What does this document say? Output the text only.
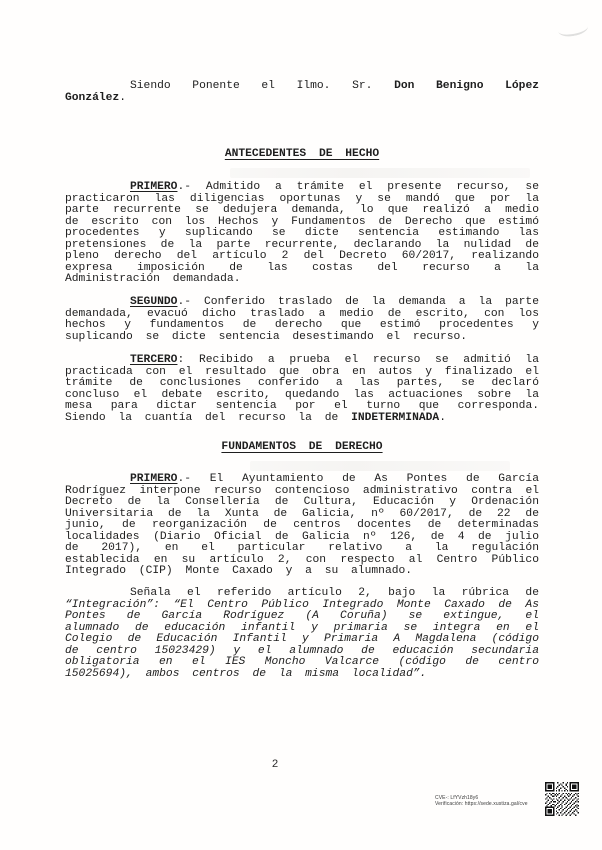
Siendo Ponente el Ilmo. Sr. Don Benigno López González.

ANTECEDENTES DE HECHO

PRIMERO.- Admitido a trámite el presente recurso, se practicaron las diligencias oportunas y se mandó que por la parte recurrente se dedujera demanda, lo que realizó a medio de escrito con los Hechos y Fundamentos de Derecho que estimó procedentes y suplicando se dicte sentencia estimando las pretensiones de la parte recurrente, declarando la nulidad de pleno derecho del artículo 2 del Decreto 60/2017, realizando expresa imposición de las costas del recurso a la Administración demandada.

SEGUNDO.- Conferido traslado de la demanda a la parte demandada, evacuó dicho traslado a medio de escrito, con los hechos y fundamentos de derecho que estimó procedentes y suplicando se dicte sentencia desestimando el recurso.

TERCERO: Recibido a prueba el recurso se admitió la practicada con el resultado que obra en autos y finalizado el trámite de conclusiones conferido a las partes, se declaró concluso el debate escrito, quedando las actuaciones sobre la mesa para dictar sentencia por el turno que corresponda. Siendo la cuantía del recurso la de INDETERMINADA.

FUNDAMENTOS DE DERECHO

PRIMERO.- El Ayuntamiento de As Pontes de García Rodríguez interpone recurso contencioso administrativo contra el Decreto de la Consellería de Cultura, Educación y Ordenación Universitaria de la Xunta de Galicia, nº 60/2017, de 22 de junio, de reorganización de centros docentes de determinadas localidades (Diario Oficial de Galicia nº 126, de 4 de julio de 2017), en el particular relativo a la regulación establecida en su artículo 2, con respecto al Centro Público Integrado (CIP) Monte Caxado y a su alumnado.

Señala el referido artículo 2, bajo la rúbrica de “Integración”: “El Centro Público Integrado Monte Caxado de As Pontes de García Rodríguez (A Coruña) se extingue, el alumnado de educación infantil y primaria se integra en el Colegio de Educación Infantil y Primaria A Magdalena (código de centro 15023429) y el alumnado de educación secundaria obligatoria en el IES Moncho Valcarce (código de centro 15025694), ambos centros de la misma localidad”.

2
CVE-: LfYVzh18y6
Verificación: https://sede.xustiza.gal/cve
